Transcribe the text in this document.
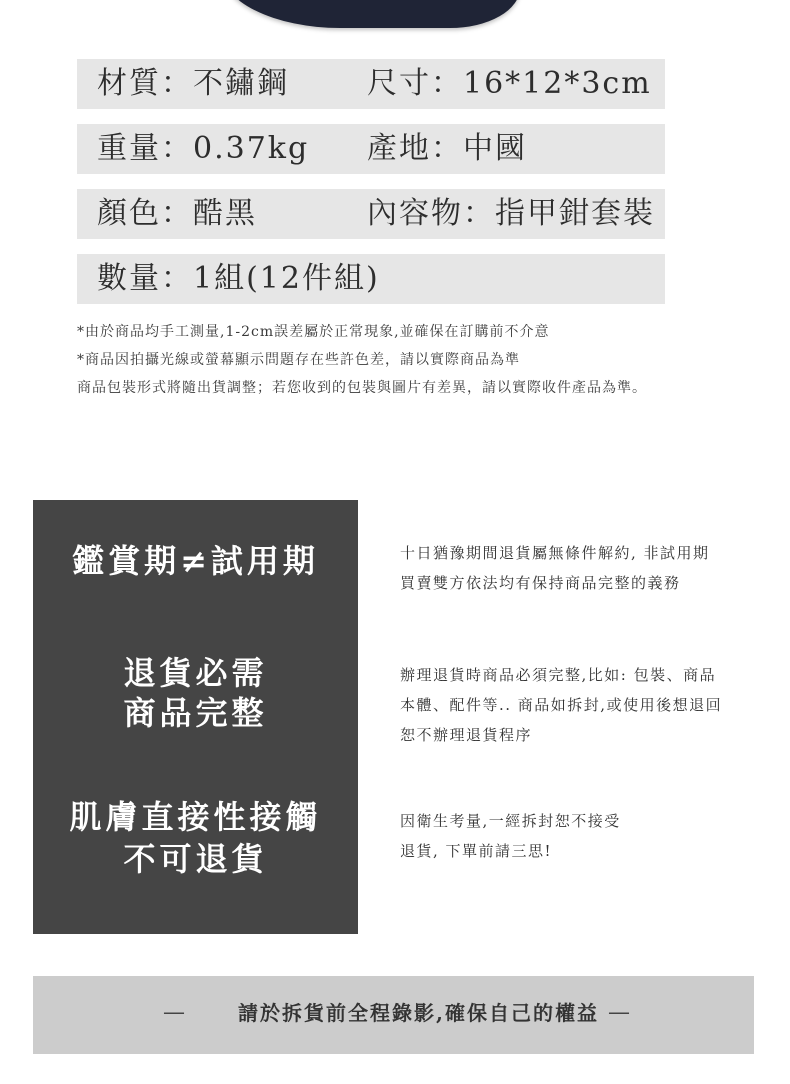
材質：不鏽鋼	尺寸：16*12*3cm
重量：0.37kg 產地：中國
顏色：酷黑	內容物：指甲鉗套裝
數量：1組(12件組)
*由於商品均手工測量,1-2cm誤差屬於正常現象,並確保在訂購前不介意
*商品因拍攝光線或螢幕顯示問題存在些許色差，請以實際商品為準
商品包裝形式將隨出貨調整；若您收到的包裝與圖片有差異，請以實際收件產品為準。
鑑賞期≠試用期
退貨必需
商品完整
肌膚直接性接觸
不可退貨
十日猶豫期間退貨屬無條件解約, 非試用期
買賣雙方依法均有保持商品完整的義務
辦理退貨時商品必須完整,比如: 包裝、商品
本體、配件等.. 商品如拆封,或使用後想退回
恕不辦理退貨程序
因衛生考量,一經拆封恕不接受
退貨, 下單前請三思!
—	請於拆貨前全程錄影,確保自己的權益 —
